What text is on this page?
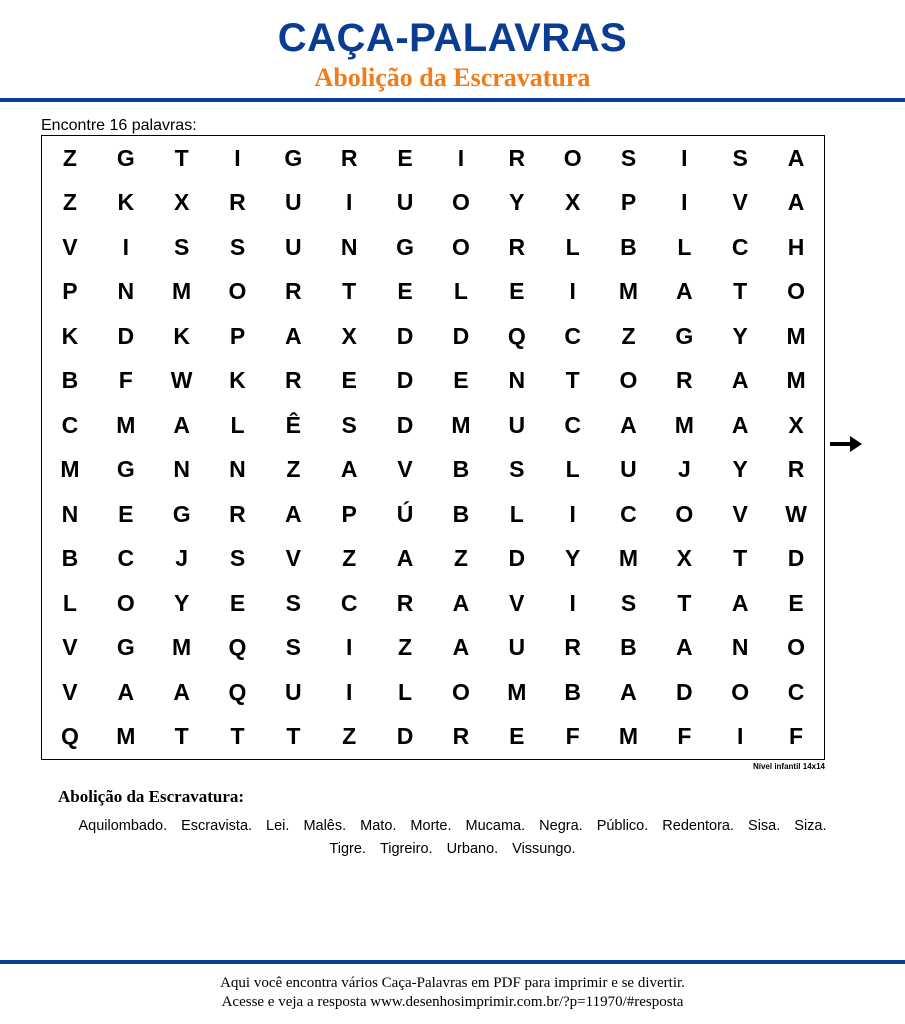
CAÇA-PALAVRAS
Abolição da Escravatura
Encontre 16 palavras:
Z	G	T	I	G	R	E	I	R	O	S	I	S	A
Z	K	X	R	U	I	U	O	Y	X	P	I	V	A
V	I	S	S	U	N	G	O	R	L	B	L	C	H
P	N	M	O	R	T	E	L	E	I	M	A	T	O
K	D	K	P	A	X	D	D	Q	C	Z	G	Y	M
B	F	W	K	R	E	D	E	N	T	O	R	A	M
C	M	A	L	Ê	S	D	M	U	C	A	M	A	X
M	G	N	N	Z	A	V	B	S	L	U	J	Y	R
N	E	G	R	A	P	Ú	B	L	I	C	O	V	W
B	C	J	S	V	Z	A	Z	D	Y	M	X	T	D
L	O	Y	E	S	C	R	A	V	I	S	T	A	E
V	G	M	Q	S	I	Z	A	U	R	B	A	N	O
V	A	A	Q	U	I	L	O	M	B	A	D	O	C
Q	M	T	T	T	Z	D	R	E	F	M	F	I	F
Nível infantil 14x14
Abolição da Escravatura:
Aquilombado. Escravista. Lei. Malês. Mato. Morte. Mucama. Negra. Público. Redentora. Sisa. Siza.Tigre. Tigreiro. Urbano. Vissungo.
Aqui você encontra vários Caça-Palavras em PDF para imprimir e se divertir.
Acesse e veja a resposta www.desenhosimprimir.com.br/?p=11970/#resposta
